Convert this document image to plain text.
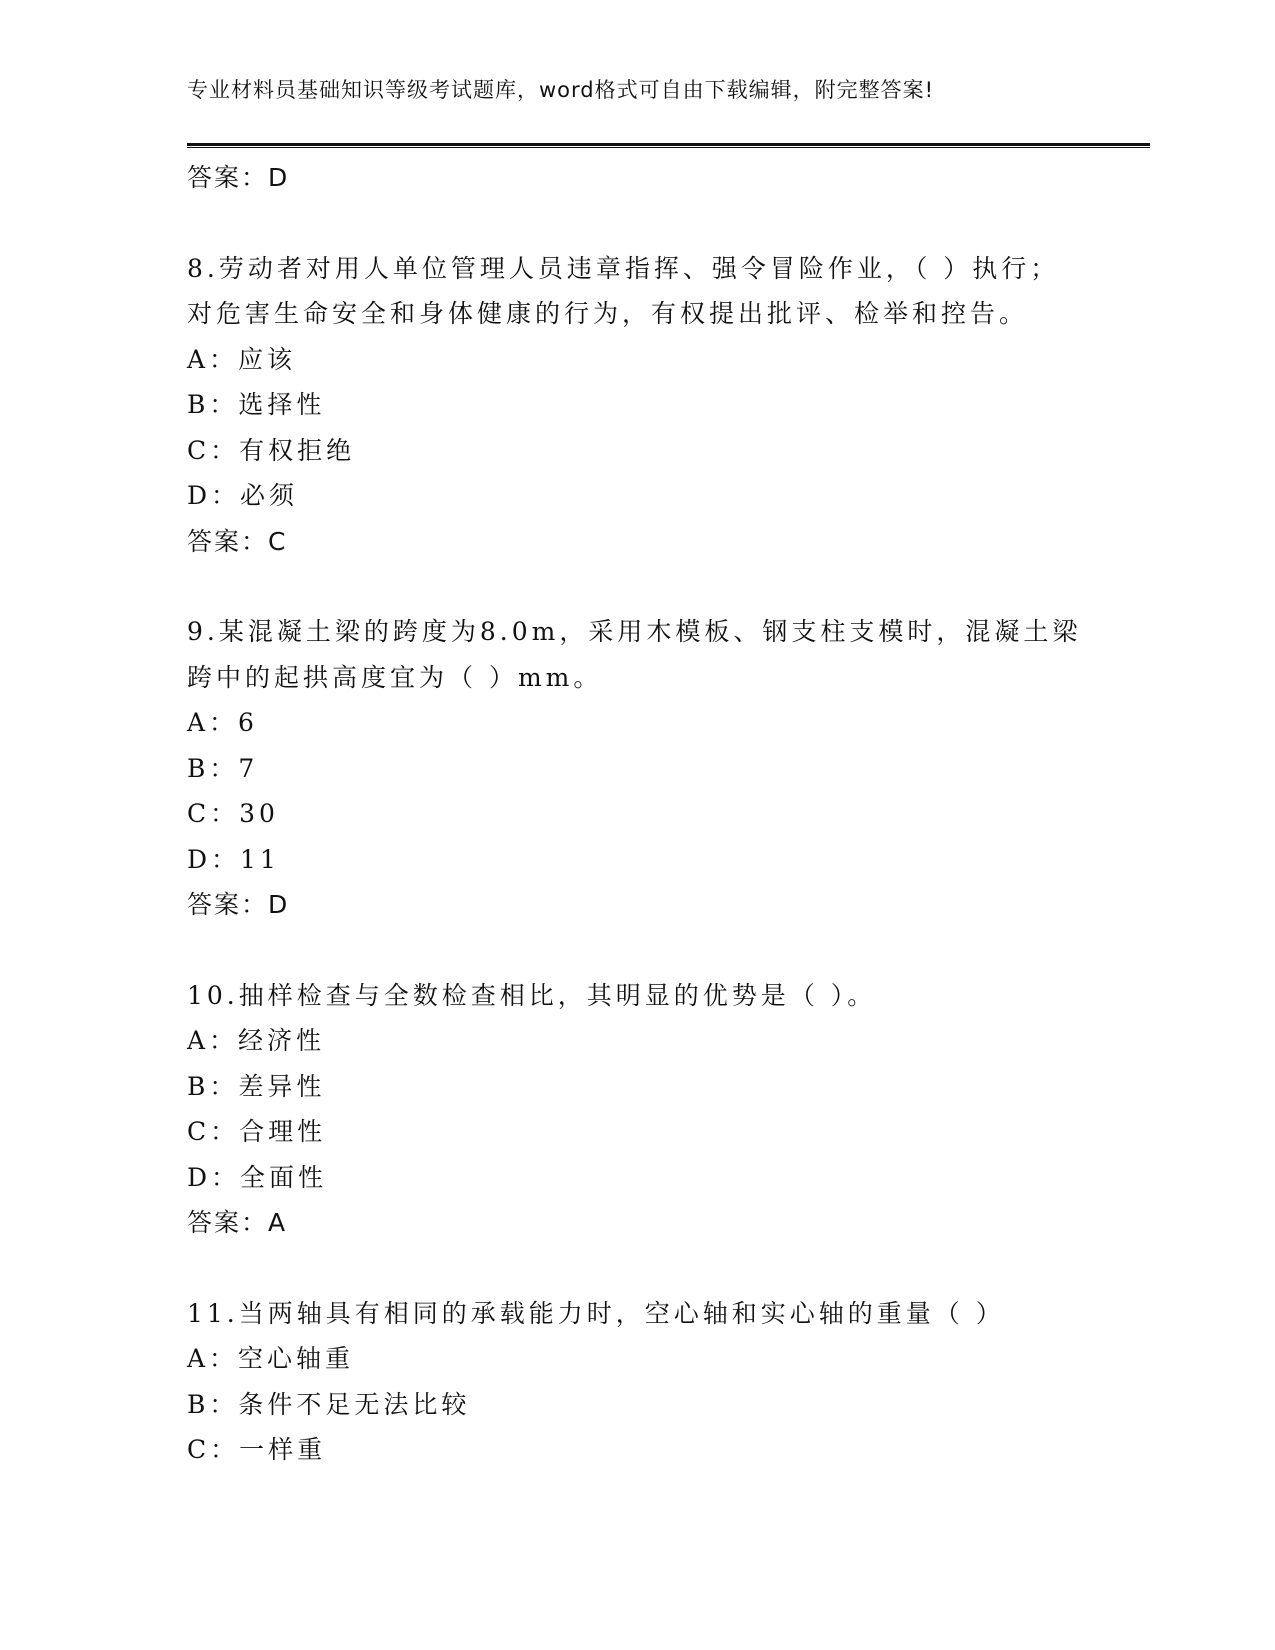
专业材料员基础知识等级考试题库，word格式可自由下载编辑，附完整答案!
答案：D
8.劳动者对用人单位管理人员违章指挥、强令冒险作业，（ ）执行；
对危害生命安全和身体健康的行为，有权提出批评、检举和控告。
A：应该
B：选择性
C：有权拒绝
D：必须
答案：C
9.某混凝土梁的跨度为8.0m，采用木模板、钢支柱支模时，混凝土梁
跨中的起拱高度宜为（ ）mm。
A：6
B：7
C：30
D：11
答案：D
10.抽样检查与全数检查相比，其明显的优势是（ ）。
A：经济性
B：差异性
C：合理性
D：全面性
答案：A
11.当两轴具有相同的承载能力时，空心轴和实心轴的重量（ ）
A：空心轴重
B：条件不足无法比较
C：一样重
